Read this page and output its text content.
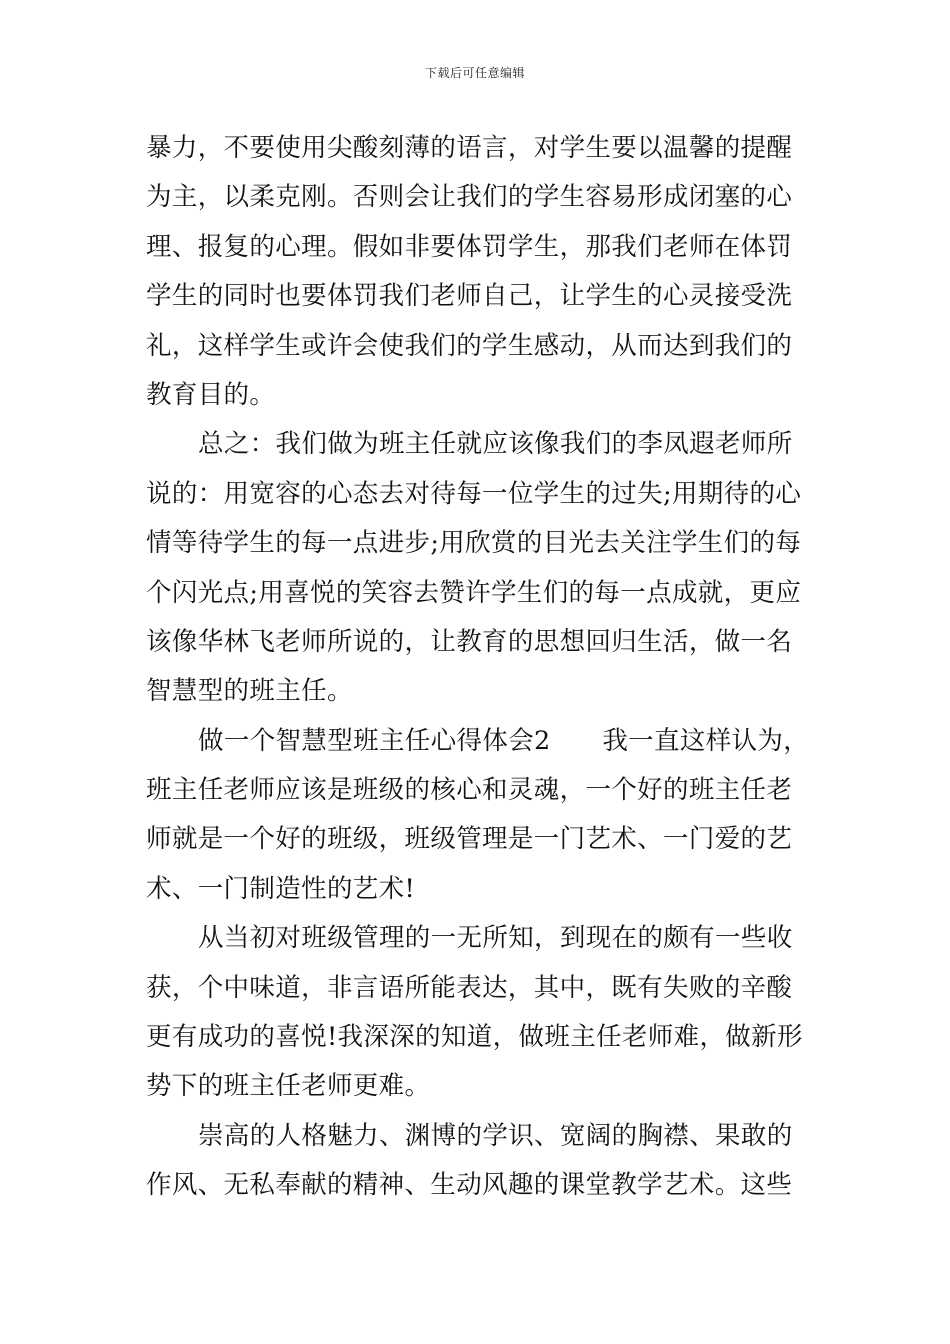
下载后可任意编辑
暴力，不要使用尖酸刻薄的语言，对学生要以温馨的提醒
为主，以柔克刚。否则会让我们的学生容易形成闭塞的心
理、报复的心理。假如非要体罚学生，那我们老师在体罚
学生的同时也要体罚我们老师自己，让学生的心灵接受洗
礼，这样学生或许会使我们的学生感动，从而达到我们的
教育目的。
总之：我们做为班主任就应该像我们的李凤遐老师所
说的：用宽容的心态去对待每一位学生的过失;用期待的心
情等待学生的每一点进步;用欣赏的目光去关注学生们的每
个闪光点;用喜悦的笑容去赞许学生们的每一点成就，更应
该像华林飞老师所说的，让教育的思想回归生活，做一名
智慧型的班主任。
做一个智慧型班主任心得体会2　　我一直这样认为，
班主任老师应该是班级的核心和灵魂，一个好的班主任老
师就是一个好的班级，班级管理是一门艺术、一门爱的艺
术、一门制造性的艺术!
从当初对班级管理的一无所知，到现在的颇有一些收
获，个中味道，非言语所能表达，其中，既有失败的辛酸
更有成功的喜悦!我深深的知道，做班主任老师难，做新形
势下的班主任老师更难。
崇高的人格魅力、渊博的学识、宽阔的胸襟、果敢的
作风、无私奉献的精神、生动风趣的课堂教学艺术。这些
